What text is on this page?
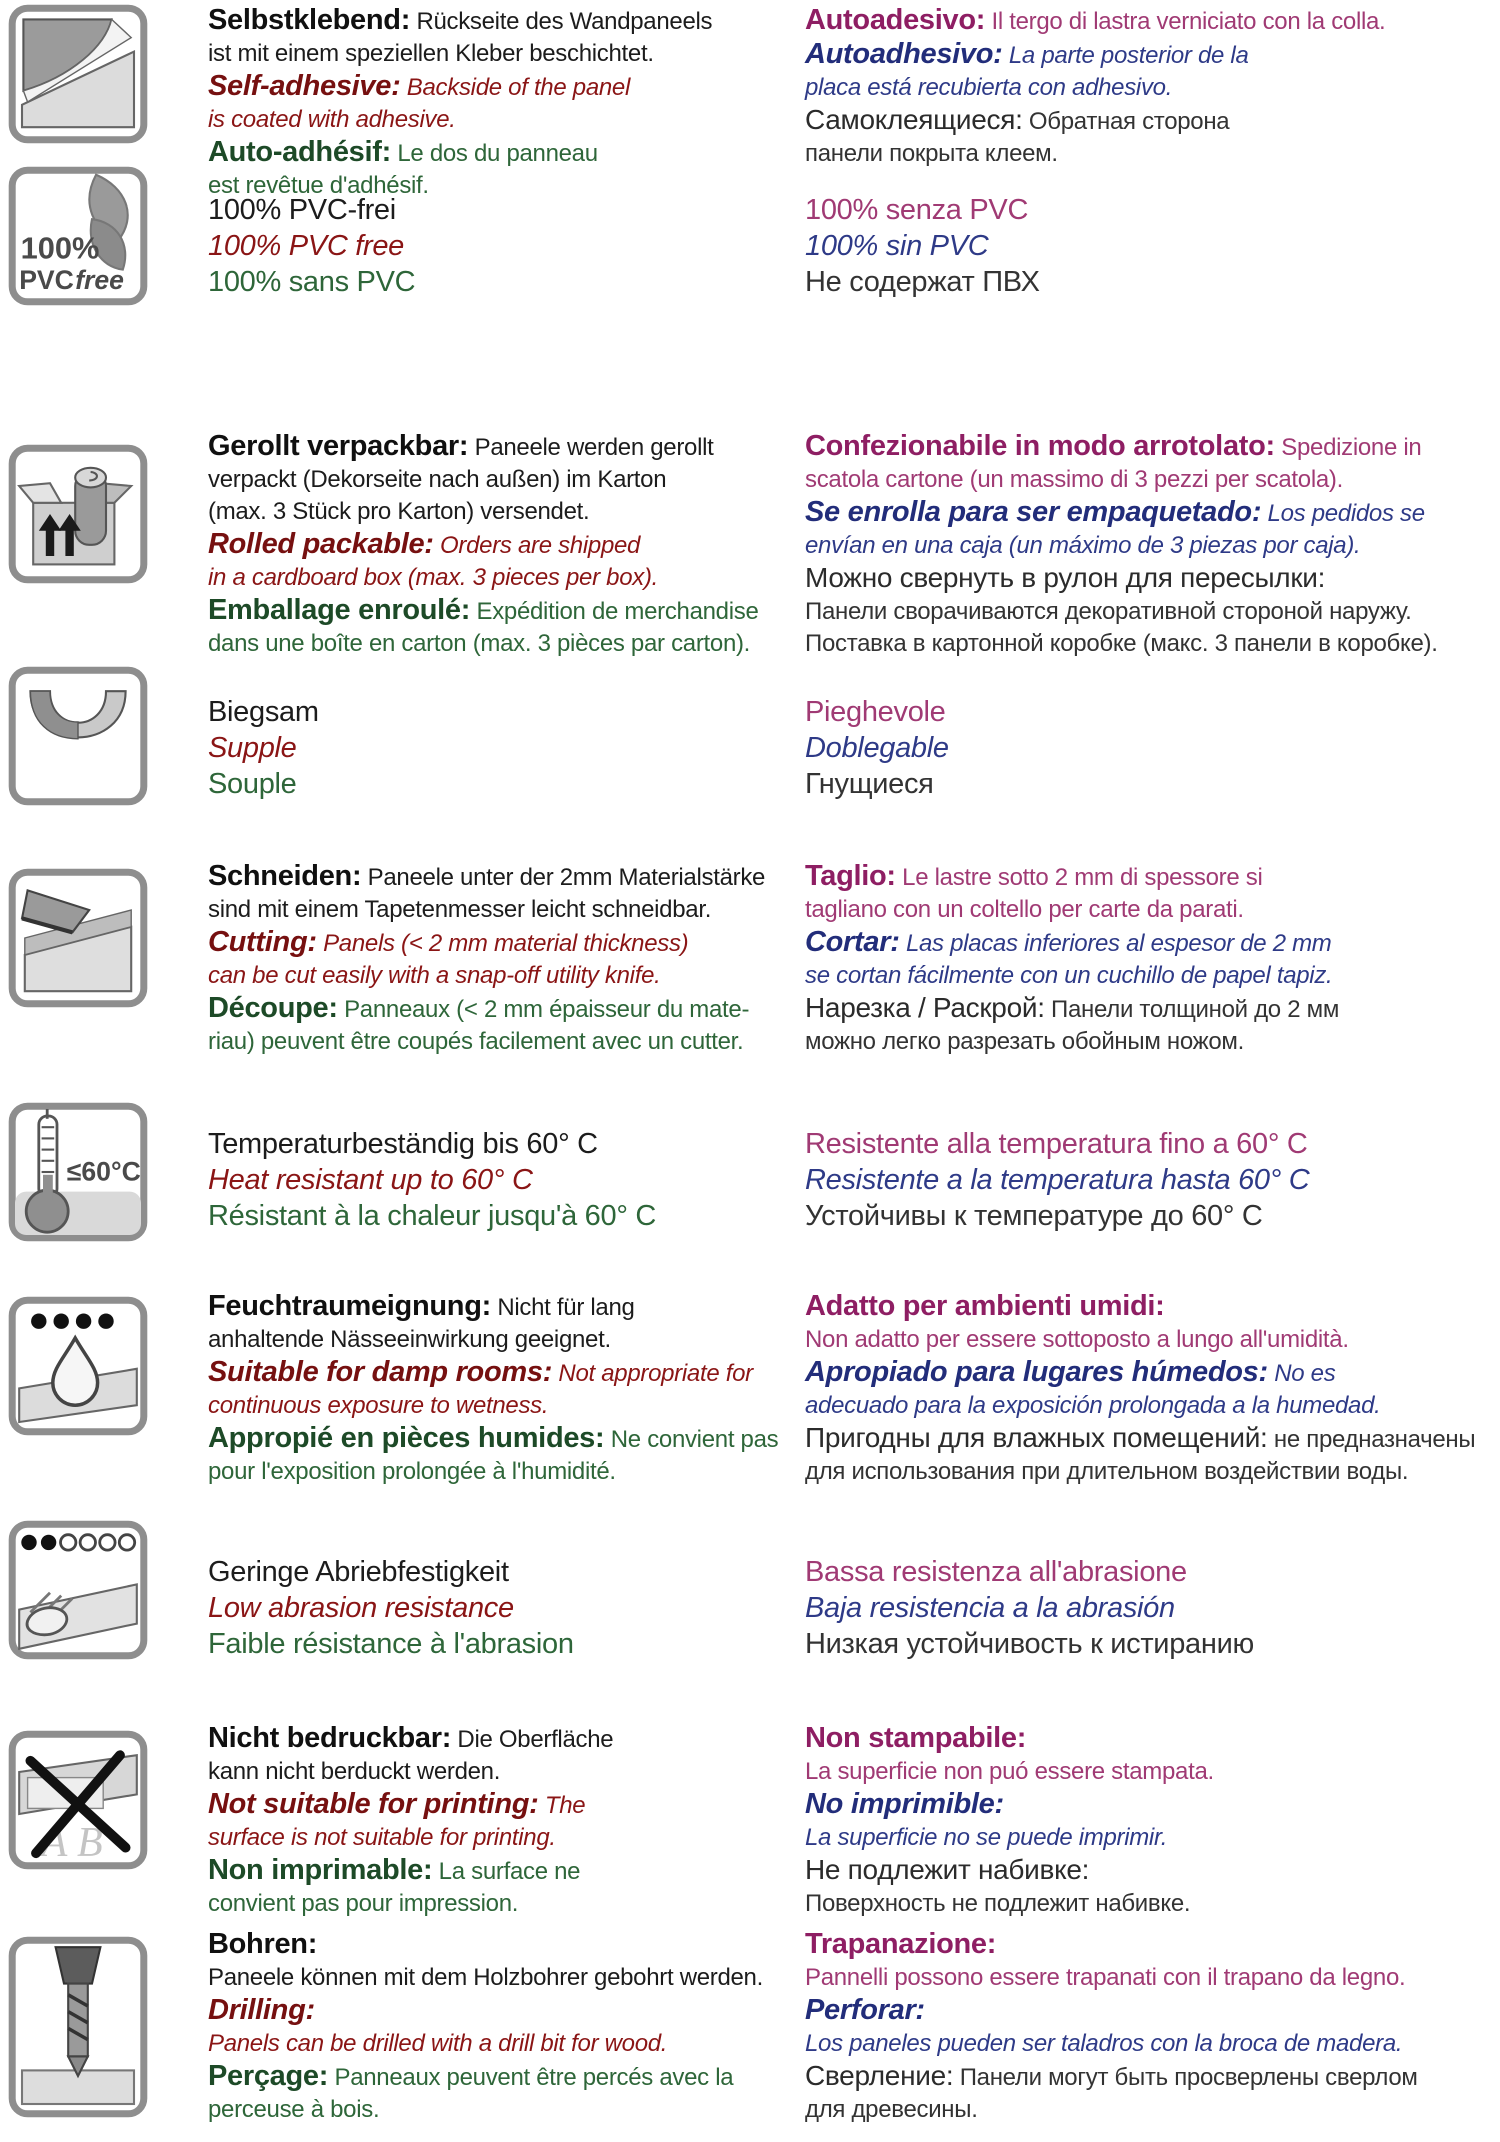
Selbstklebend: Rückseite des Wandpaneels
ist mit einem speziellen Kleber beschichtet.
Self-adhesive: Backside of the panel
is coated with adhesive.
Auto-adhésif: Le dos du panneau
est revêtue d'adhésif.
Autoadesivo: Il tergo di lastra verniciato con la colla.
Autoadhesivo: La parte posterior de la
placa está recubierta con adhesivo.
Самоклеящиеся: Обратная сторона
панели покрыта клеем.
100%
PVC free
100% PVC-frei
100% PVC free
100% sans PVC
100% senza PVC
100% sin PVC
Не содержат ПВХ
Gerollt verpackbar: Paneele werden gerollt
verpackt (Dekorseite nach außen) im Karton
(max. 3 Stück pro Karton) versendet.
Rolled packable: Orders are shipped
in a cardboard box (max. 3 pieces per box).
Emballage enroulé: Expédition de merchandise
dans une boîte en carton (max. 3 pièces par carton).
Confezionabile in modo arrotolato: Spedizione in
scatola cartone (un massimo di 3 pezzi per scatola).
Se enrolla para ser empaquetado: Los pedidos se
envían en una caja (un máximo de 3 piezas por caja).
Можно свернуть в рулон для пересылки:
Панели сворачиваются декоративной стороной наружу.
Поставка в картонной коробке (макс. 3 панели в коробке).
Biegsam
Supple
Souple
Pieghevole
Doblegable
Гнущиеся
Schneiden: Paneele unter der 2mm Materialstärke
sind mit einem Tapetenmesser leicht schneidbar.
Cutting: Panels (< 2 mm material thickness)
can be cut easily with a snap-off utility knife.
Découpe: Panneaux (< 2 mm épaisseur du mate-
riau) peuvent être coupés facilement avec un cutter.
Taglio: Le lastre sotto 2 mm di spessore si
tagliano con un coltello per carte da parati.
Cortar: Las placas inferiores al espesor de 2 mm
se cortan fácilmente con un cuchillo de papel tapiz.
Нарезка / Раскрой: Панели толщиной до 2 мм
можно легко разрезать обойным ножом.
≤60°C
Temperaturbeständig bis 60° C
Heat resistant up to 60° C
Résistant à la chaleur jusqu'à 60° C
Resistente alla temperatura fino a 60° C
Resistente a la temperatura hasta 60° C
Устойчивы к температуре до 60° C
Feuchtraumeignung: Nicht für lang
anhaltende Nässeeinwirkung geeignet.
Suitable for damp rooms: Not appropriate for
continuous exposure to wetness.
Appropié en pièces humides: Ne convient pas
pour l'exposition prolongée à l'humidité.
Adatto per ambienti umidi:
Non adatto per essere sottoposto a lungo all'umidità.
Apropiado para lugares húmedos: No es
adecuado para la exposición prolongada a la humedad.
Пригодны для влажных помещений: не предназначены
для использования при длительном воздействии воды.
Geringe Abriebfestigkeit
Low abrasion resistance
Faible résistance à l'abrasion
Bassa resistenza all'abrasione
Baja resistencia a la abrasión
Низкая устойчивость к истиранию
A B
Nicht bedruckbar: Die Oberfläche
kann nicht berduckt werden.
Not suitable for printing: The
surface is not suitable for printing.
Non imprimable: La surface ne
convient pas pour impression.
Non stampabile:
La superficie non puó essere stampata.
No imprimible:
La superficie no se puede imprimir.
Не подлежит набивке:
Поверхность не подлежит набивке.
Bohren:
Paneele können mit dem Holzbohrer gebohrt werden.
Drilling:
Panels can be drilled with a drill bit for wood.
Perçage: Panneaux peuvent être percés avec la
perceuse à bois.
Trapanazione:
Pannelli possono essere trapanati con il trapano da legno.
Perforar:
Los paneles pueden ser taladros con la broca de madera.
Сверление: Панели могут быть просверлены сверлом
для древесины.
